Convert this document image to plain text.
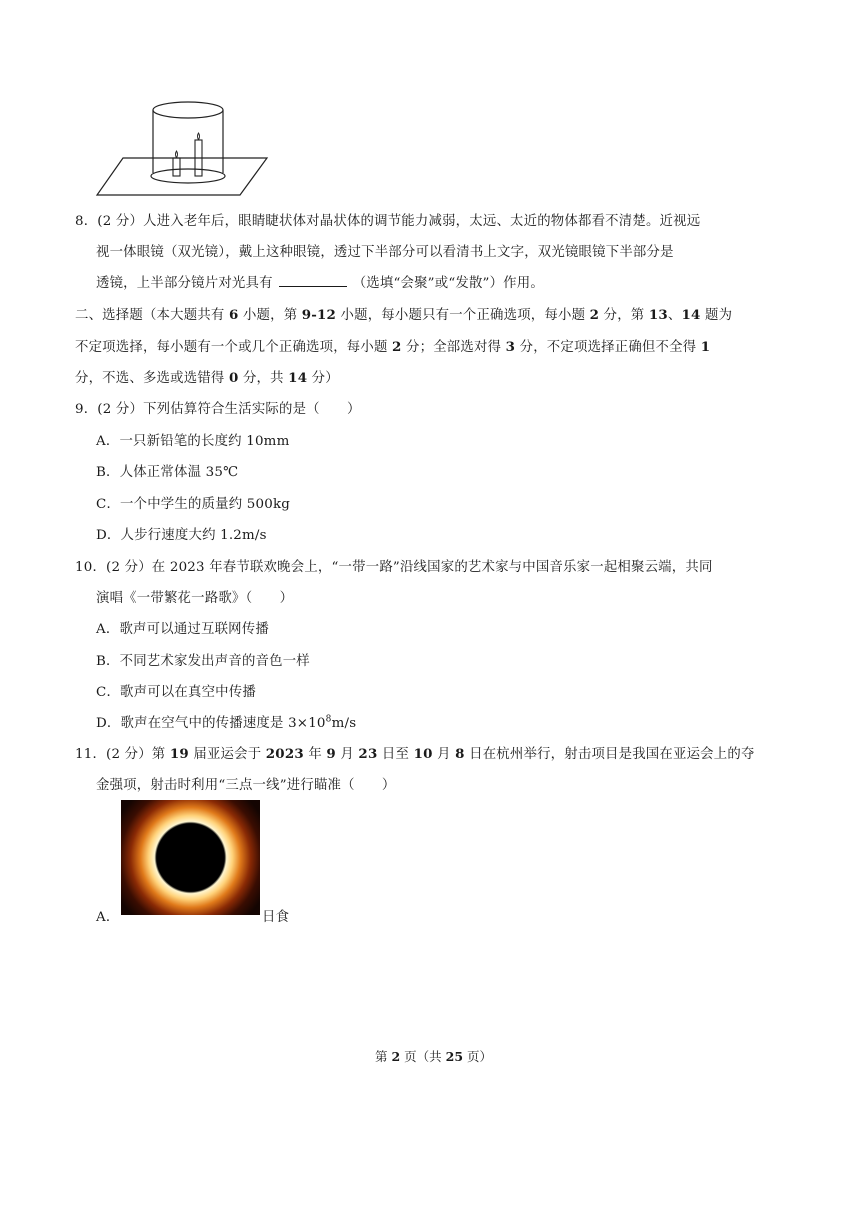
8．(2 分）人进入老年后，眼睛睫状体对晶状体的调节能力减弱，太远、太近的物体都看不清楚。近视远
视一体眼镜（双光镜），戴上这种眼镜，透过下半部分可以看清书上文字，双光镜眼镜下半部分是
透镜，上半部分镜片对光具有	（选填“会聚”或“发散”）作用。
二、选择题（本大题共有 6 小题，第 9-12 小题，每小题只有一个正确选项，每小题 2 分，第 13、14 题为
不定项选择，每小题有一个或几个正确选项，每小题 2 分；全部选对得 3 分，不定项选择正确但不全得 1
分，不选、多选或选错得 0 分，共 14 分）
9．(2 分）下列估算符合生活实际的是（　　）
A．一只新铅笔的长度约 10mm
B．人体正常体温 35℃
C．一个中学生的质量约 500kg
D．人步行速度大约 1.2m/s
10．(2 分）在 2023 年春节联欢晚会上，“一带一路”沿线国家的艺术家与中国音乐家一起相聚云端，共同
演唱《一带繁花一路歌》（　　）
A．歌声可以通过互联网传播
B．不同艺术家发出声音的音色一样
C．歌声可以在真空中传播
D．歌声在空气中的传播速度是 $3\times 10^8m/s$
11．(2 分）第 19 届亚运会于 2023 年 9 月 23 日至 10 月 8 日在杭州举行，射击项目是我国在亚运会上的夺
金强项，射击时利用“三点一线”进行瞄准（　　）
A．	日食
第 2 页（共 25 页）
